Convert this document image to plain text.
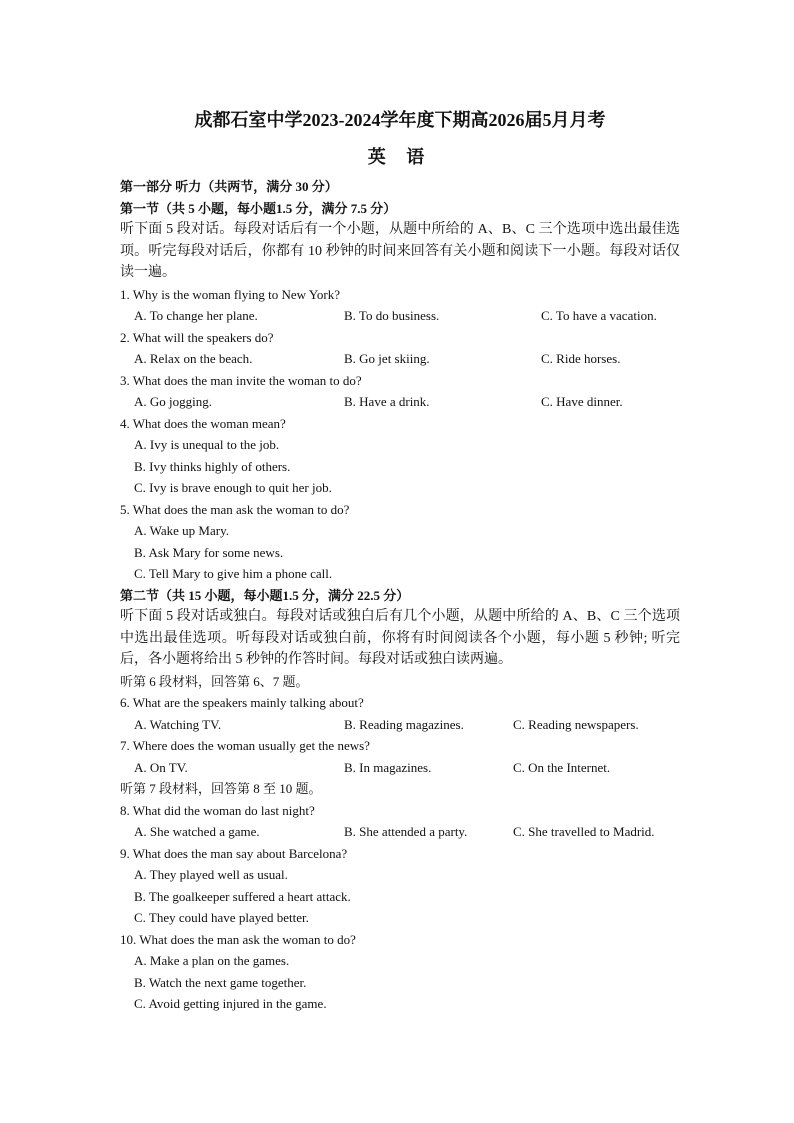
成都石室中学2023-2024学年度下期高2026届5月月考
英 语
第一部分 听力（共两节，满分 30 分）
第一节（共 5 小题，每小题1.5 分，满分 7.5 分）
听下面 5 段对话。每段对话后有一个小题，从题中所给的 A、B、C 三个选项中选出最佳选项。听完每段对话后，你都有 10 秒钟的时间来回答有关小题和阅读下一小题。每段对话仅读一遍。
1. Why is the woman flying to New York?
A. To change her plane.	B. To do business.	C. To have a vacation.
2. What will the speakers do?
A. Relax on the beach.	B. Go jet skiing.	C. Ride horses.
3. What does the man invite the woman to do?
A. Go jogging.	B. Have a drink.	C. Have dinner.
4. What does the woman mean?
A. Ivy is unequal to the job.
B. Ivy thinks highly of others.
C. Ivy is brave enough to quit her job.
5. What does the man ask the woman to do?
A. Wake up Mary.
B. Ask Mary for some news.
C. Tell Mary to give him a phone call.
第二节（共 15 小题，每小题1.5 分，满分 22.5 分）
听下面 5 段对话或独白。每段对话或独白后有几个小题，从题中所给的 A、B、C 三个选项中选出最佳选项。听每段对话或独白前，你将有时间阅读各个小题，每小题 5 秒钟; 听完后，各小题将给出 5 秒钟的作答时间。每段对话或独白读两遍。
听第 6 段材料，回答第 6、7 题。
6. What are the speakers mainly talking about?
A. Watching TV.	B. Reading magazines.	C. Reading newspapers.
7. Where does the woman usually get the news?
A. On TV.	B. In magazines.	C. On the Internet.
听第 7 段材料，回答第 8 至 10 题。
8. What did the woman do last night?
A. She watched a game.	B. She attended a party.	C. She travelled to Madrid.
9. What does the man say about Barcelona?
A. They played well as usual.
B. The goalkeeper suffered a heart attack.
C. They could have played better.
10. What does the man ask the woman to do?
A. Make a plan on the games.
B. Watch the next game together.
C. Avoid getting injured in the game.
